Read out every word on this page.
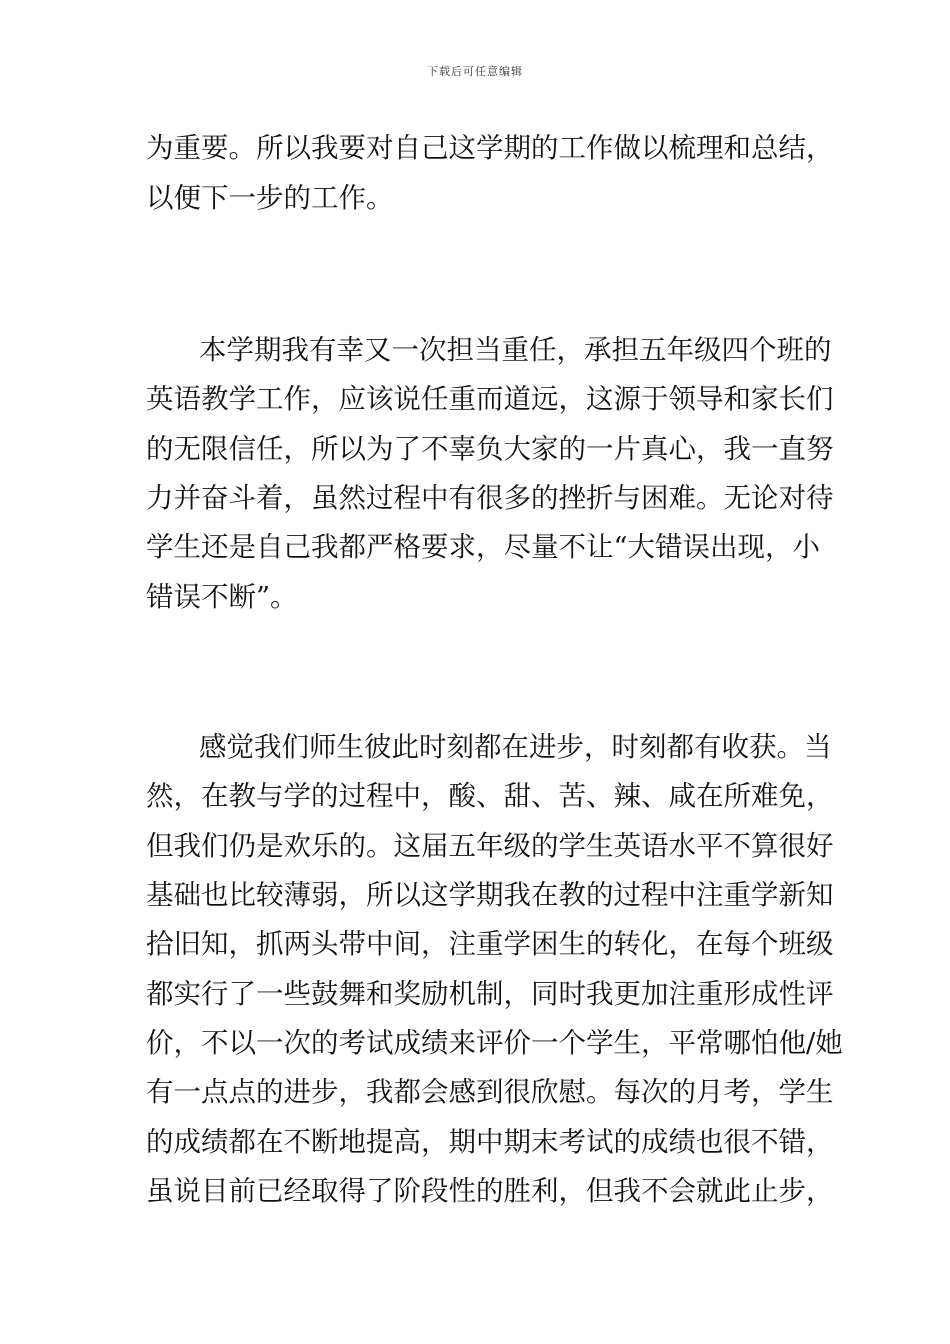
下载后可任意编辑
为重要。所以我要对自己这学期的工作做以梳理和总结，
以便下一步的工作。
本学期我有幸又一次担当重任，承担五年级四个班的
英语教学工作，应该说任重而道远，这源于领导和家长们
的无限信任，所以为了不辜负大家的一片真心，我一直努
力并奋斗着，虽然过程中有很多的挫折与困难。无论对待
学生还是自己我都严格要求，尽量不让“大错误出现，小
错误不断”。
感觉我们师生彼此时刻都在进步，时刻都有收获。当
然，在教与学的过程中，酸、甜、苦、辣、咸在所难免，
但我们仍是欢乐的。这届五年级的学生英语水平不算很好
基础也比较薄弱，所以这学期我在教的过程中注重学新知
拾旧知，抓两头带中间，注重学困生的转化，在每个班级
都实行了一些鼓舞和奖励机制，同时我更加注重形成性评
价，不以一次的考试成绩来评价一个学生，平常哪怕他/她
有一点点的进步，我都会感到很欣慰。每次的月考，学生
的成绩都在不断地提高，期中期末考试的成绩也很不错，
虽说目前已经取得了阶段性的胜利，但我不会就此止步，
